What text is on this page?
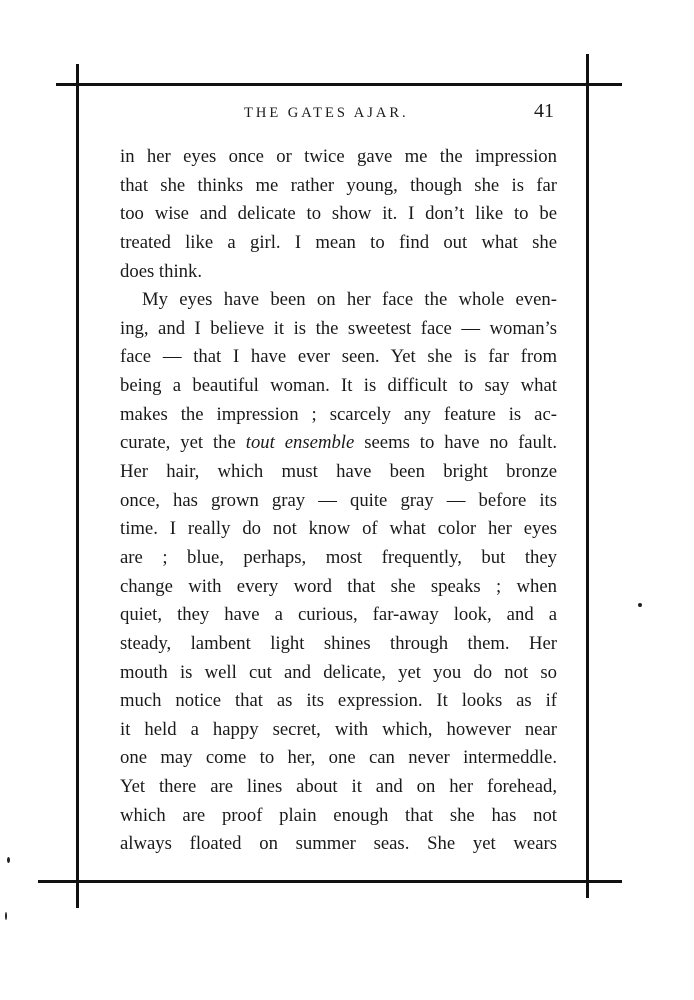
THE GATES AJAR.	41
in her eyes once or twice gave me the impression
that she thinks me rather young, though she is far
too wise and delicate to show it. I don’t like to be
treated like a girl. I mean to find out what she
does think.
My eyes have been on her face the whole even-
ing, and I believe it is the sweetest face — woman’s
face — that I have ever seen. Yet she is far from
being a beautiful woman. It is difficult to say what
makes the impression ; scarcely any feature is ac-
curate, yet the tout ensemble seems to have no fault.
Her hair, which must have been bright bronze
once, has grown gray — quite gray — before its
time. I really do not know of what color her eyes
are ; blue, perhaps, most frequently, but they
change with every word that she speaks ; when
quiet, they have a curious, far-away look, and a
steady, lambent light shines through them. Her
mouth is well cut and delicate, yet you do not so
much notice that as its expression. It looks as if
it held a happy secret, with which, however near
one may come to her, one can never intermeddle.
Yet there are lines about it and on her forehead,
which are proof plain enough that she has not
always floated on summer seas. She yet wears
